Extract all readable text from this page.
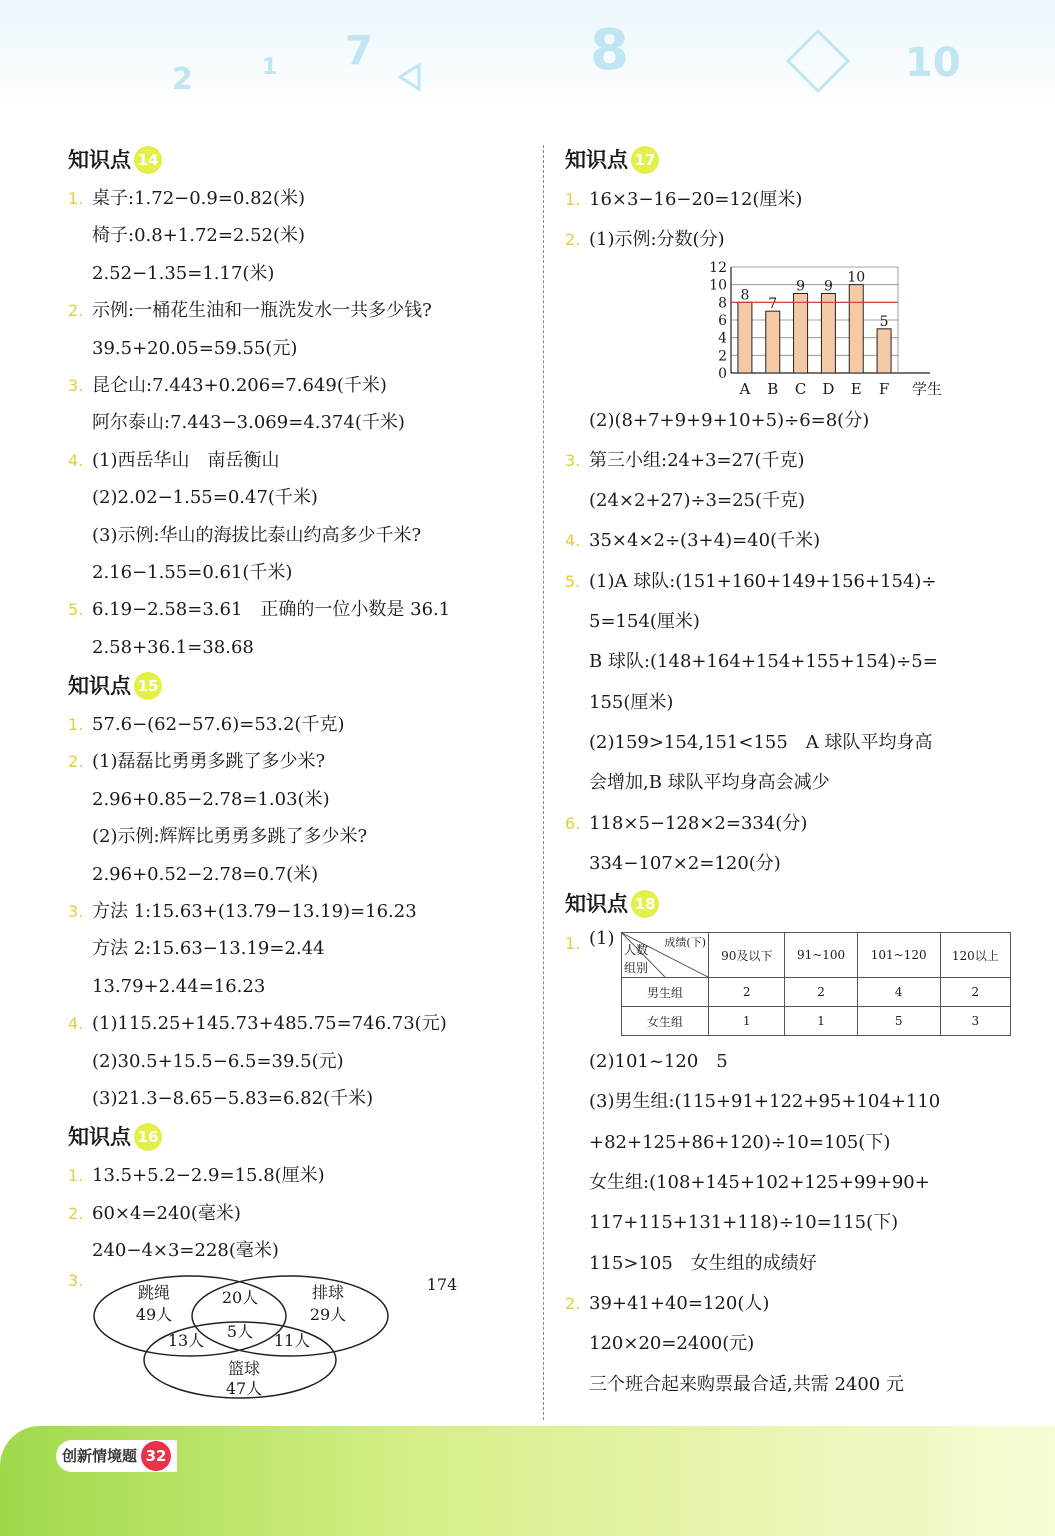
2	1 7	8	10
知识点 14
1. 桌子:1.72−0.9=0.82(米)
椅子:0.8+1.72=2.52(米)
2.52−1.35=1.17(米)
2. 示例:一桶花生油和一瓶洗发水一共多少钱?
39.5+20.05=59.55(元)
3. 昆仑山:7.443+0.206=7.649(千米)
阿尔泰山:7.443−3.069=4.374(千米)
4. (1)西岳华山　南岳衡山
(2)2.02−1.55=0.47(千米)
(3)示例:华山的海拔比泰山约高多少千米?
2.16−1.55=0.61(千米)
5. 6.19−2.58=3.61　正确的一位小数是 36.1
2.58+36.1=38.68
知识点 15
1. 57.6−(62−57.6)=53.2(千克)
2. (1)磊磊比勇勇多跳了多少米?
2.96+0.85−2.78=1.03(米)
(2)示例:辉辉比勇勇多跳了多少米?
2.96+0.52−2.78=0.7(米)
3. 方法 1:15.63+(13.79−13.19)=16.23
方法 2:15.63−13.19=2.44
13.79+2.44=16.23
4. (1)115.25+145.73+485.75=746.73(元)
(2)30.5+15.5−6.5=39.5(元)
(3)21.3−8.65−5.83=6.82(千米)
知识点 16
1. 13.5+5.2−2.9=15.8(厘米)
2. 60×4=240(毫米)
240−4×3=228(毫米)
3.
跳绳
49人
排球
29人
20人
5人
13人	11人
篮球
47人
174
知识点 17
1. 16×3−16−20=12(厘米)
2. (1)示例:分数(分)
0
2
4
6
8
10
12
8
A
7
B
9
C
9
D
10
E
5
F 学生
(2)(8+7+9+9+10+5)÷6=8(分)
3. 第三小组:24+3=27(千克)
(24×2+27)÷3=25(千克)
4. 35×4×2÷(3+4)=40(千米)
5. (1)A 球队:(151+160+149+156+154)÷
5=154(厘米)
B 球队:(148+164+154+155+154)÷5=
155(厘米)
(2)159>154,151<155　A 球队平均身高
会增加,B 球队平均身高会减少
6. 118×5−128×2=334(分)
334−107×2=120(分)
知识点 18
1. (1)	成绩(下)
人数
组别	90及以下	91~100	101~120	120以上
男生组	2	2	4	2
女生组	1	1	5	3
(2)101~120　5
(3)男生组:(115+91+122+95+104+110
+82+125+86+120)÷10=105(下)
女生组:(108+145+102+125+99+90+
117+115+131+118)÷10=115(下)
115>105　女生组的成绩好
2. 39+41+40=120(人)
120×20=2400(元)
三个班合起来购票最合适,共需 2400 元
创新情境题 32
